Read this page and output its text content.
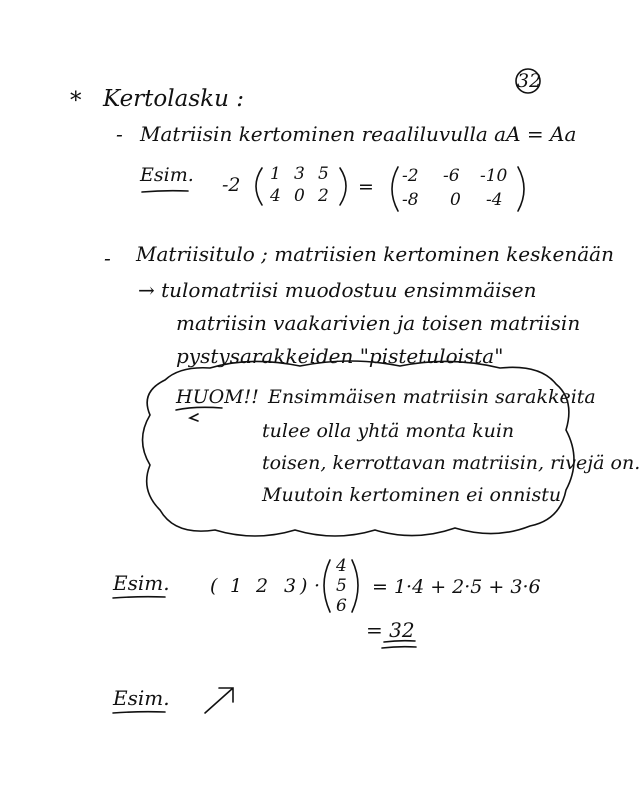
32
* Kertolasku :
- Matriisin kertominen reaaliluvulla aA = Aa
Esim. -2 1 3 5
4 0 2 = -2 -6 -10
-8 0 -4
- Matriisitulo ; matriisien kertominen keskenään
→ tulomatriisi muodostuu ensimmäisen
matriisin vaakarivien ja toisen matriisin
pystysarakkeiden "pistetuloista"
HUOM!! Ensimmäisen matriisin sarakkeita
tulee olla yhtä monta kuin
toisen, kerrottavan matriisin, rivejä on.
Muutoin kertominen ei onnistu
Esim. ( 1 2 3 ) ·
4
5
6
= 1·4 + 2·5 + 3·6
= 32
Esim.
